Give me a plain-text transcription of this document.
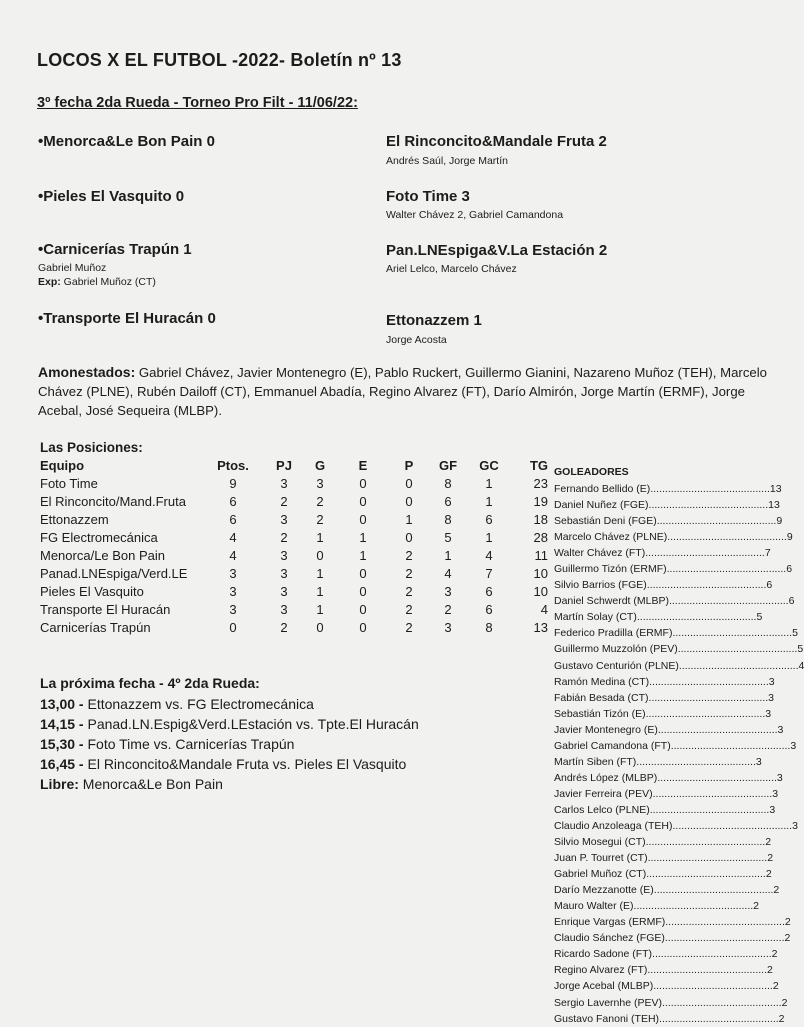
LOCOS X EL FUTBOL -2022- Boletín nº 13
3º fecha 2da Rueda - Torneo Pro Filt - 11/06/22:
•Menorca&Le Bon Pain 0	El Rinconcito&Mandale Fruta 2
Andrés Saúl, Jorge Martín
•Pieles El Vasquito 0	Foto Time 3
Walter Chávez 2, Gabriel Camandona
•Carnicerías Trapún 1
Gabriel Muñoz
Exp: Gabriel Muñoz (CT)
Pan.LNEspiga&V.La Estación 2
Ariel Lelco, Marcelo Chávez
•Transporte El Huracán 0	Ettonazzem 1
Jorge Acosta
Amonestados: Gabriel Chávez, Javier Montenegro (E), Pablo Ruckert, Guillermo Gianini, Nazareno Muñoz (TEH), Marcelo Chávez (PLNE), Rubén Dailoff (CT), Emmanuel Abadía, Regino Alvarez (FT), Darío Almirón, Jorge Martín (ERMF), Jorge Acebal, José Sequeira (MLBP).
Las Posiciones:
Equipo	Ptos.	PJ	G	E	P	GF	GC	TG
Foto Time	9	3	3	0	0	8	1	23
El Rinconcito/Mand.Fruta	6	2	2	0	0	6	1	19
Ettonazzem	6	3	2	0	1	8	6	18
FG Electromecánica	4	2	1	1	0	5	1	28
Menorca/Le Bon Pain	4	3	0	1	2	1	4	11
Panad.LNEspiga/Verd.LE	3	3	1	0	2	4	7	10
Pieles El Vasquito	3	3	1	0	2	3	6	10
Transporte El Huracán	3	3	1	0	2	2	6	4
Carnicerías Trapún	0	2	0	0	2	3	8	13
La próxima fecha - 4º 2da Rueda:
13,00 - Ettonazzem vs. FG Electromecánica
14,15 - Panad.LN.Espig&Verd.LEstación vs. Tpte.El Huracán
15,30 - Foto Time vs. Carnicerías Trapún
16,45 - El Rinconcito&Mandale Fruta vs. Pieles El Vasquito
Libre: Menorca&Le Bon Pain
GOLEADORES
Fernando Bellido (E)......................................... 13
Daniel Nuñez (FGE)......................................... 13
Sebastián Deni (FGE)......................................... 9
Marcelo Chávez (PLNE)......................................... 9
Walter Chávez (FT)......................................... 7
Guillermo Tizón (ERMF)......................................... 6
Silvio Barrios (FGE)......................................... 6
Daniel Schwerdt (MLBP)......................................... 6
Martín Solay (CT)......................................... 5
Federico Pradilla (ERMF)......................................... 5
Guillermo Muzzolón (PEV)......................................... 5
Gustavo Centurión (PLNE)......................................... 4
Ramón Medina (CT)......................................... 3
Fabián Besada (CT)......................................... 3
Sebastián Tizón (E)......................................... 3
Javier Montenegro (E)......................................... 3
Gabriel Camandona (FT)......................................... 3
Martín Siben (FT)......................................... 3
Andrés López (MLBP)......................................... 3
Javier Ferreira (PEV)......................................... 3
Carlos Lelco (PLNE)......................................... 3
Claudio Anzoleaga (TEH)......................................... 3
Silvio Mosegui (CT)......................................... 2
Juan P. Tourret (CT)......................................... 2
Gabriel Muñoz (CT)......................................... 2
Darío Mezzanotte (E)......................................... 2
Mauro Walter (E)......................................... 2
Enrique Vargas (ERMF)......................................... 2
Claudio Sánchez (FGE)......................................... 2
Ricardo Sadone (FT)......................................... 2
Regino Alvarez (FT)......................................... 2
Jorge Acebal (MLBP)......................................... 2
Sergio Lavernhe (PEV)......................................... 2
Gustavo Fanoni (TEH)......................................... 2
